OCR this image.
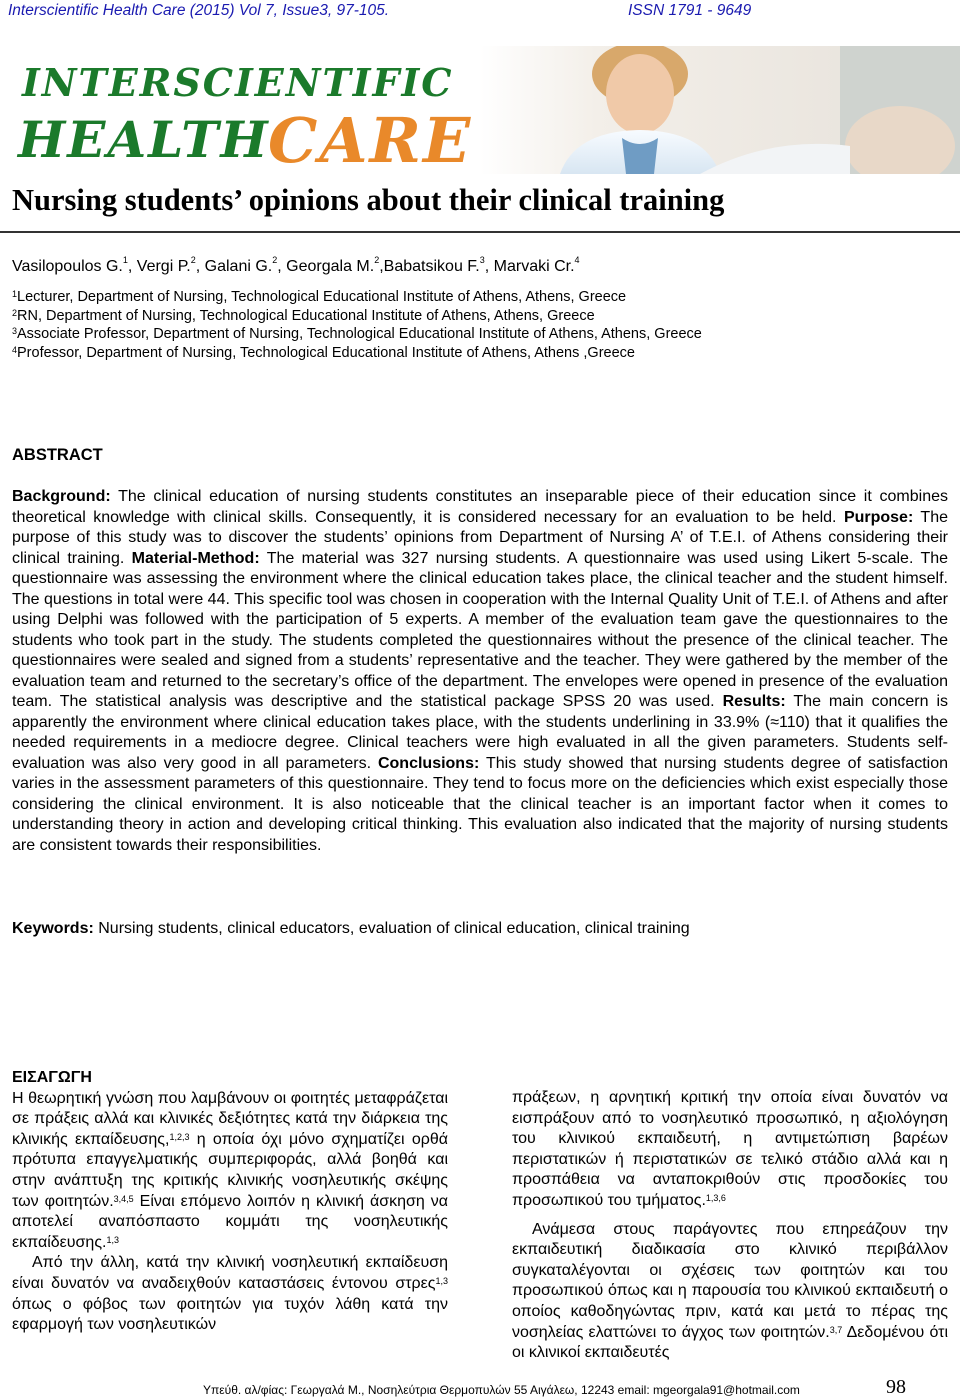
Interscientific Health Care (2015) Vol 7, Issue3, 97-105.	ISSN 1791 - 9649
INTERSCIENTIFIC
HEALTH
CARE
Nursing students’ opinions about their clinical training
Vasilopoulos G.$^1$, Vergi P.$^2$, Galani G.$^2$, Georgala M.$^2$,Babatsikou F.$^3$, Marvaki Cr.$^4$
$^1$Lecturer, Department of Nursing, Technological Educational Institute of Athens, Athens, Greece
$^2$RN, Department of Nursing, Technological Educational Institute of Athens, Athens, Greece
$^3$Associate Professor, Department of Nursing, Technological Educational Institute of Athens, Athens, Greece
$^4$Professor, Department of Nursing, Technological Educational Institute of Athens, Athens ,Greece
ABSTRACT

Background: The clinical education of nursing students constitutes an inseparable piece of their education since it combines theoretical knowledge with clinical skills. Consequently, it is considered necessary for an evaluation to be held. Purpose: The purpose of this study was to discover the students’ opinions from Department of Nursing A’ of T.E.I. of Athens considering their clinical training. Material-Method: The material was 327 nursing students. A questionnaire was used using Likert 5-scale. The questionnaire was assessing the environment where the clinical education takes place, the clinical teacher and the student himself. The questions in total were 44. This specific tool was chosen in cooperation with the Internal Quality Unit of T.E.I. of Athens and after using Delphi was followed with the participation of 5 experts. A member of the evaluation team gave the questionnaires to the students who took part in the study. The students completed the questionnaires without the presence of the clinical teacher. The questionnaires were sealed and signed from a students’ representative and the teacher. They were gathered by the member of the evaluation team and returned to the secretary’s office of the department. The envelopes were opened in presence of the evaluation team. The statistical analysis was descriptive and the statistical package SPSS 20 was used. Results: The main concern is apparently the environment where clinical education takes place, with the students underlining in 33.9% (≈110) that it qualifies the needed requirements in a mediocre degree. Clinical teachers were high evaluated in all the given parameters. Students self-evaluation was also very good in all parameters. Conclusions: This study showed that nursing students degree of satisfaction varies in the assessment parameters of this questionnaire. They tend to focus more on the deficiencies which exist especially those considering the clinical environment. It is also noticeable that the clinical teacher is an important factor when it comes to understanding theory in action and developing critical thinking. This evaluation also indicated that the majority of nursing students are consistent towards their responsibilities.

Keywords: Nursing students, clinical educators, evaluation of clinical education, clinical training

ΕΙΣΑΓΩΓΗ

Η θεωρητική γνώση που λαμβάνουν οι φοιτητές μεταφράζεται σε πράξεις αλλά και κλινικές δεξιότητες κατά την διάρκεια της κλινικής εκπαίδευσης,$^{1,2,3}$ η οποία όχι μόνο σχηματίζει ορθά πρότυπα επαγγελματικής συμπεριφοράς, αλλά βοηθά και στην ανάπτυξη της κριτικής κλινικής νοσηλευτικής σκέψης των φοιτητών.$^{3,4,5}$ Είναι επόμενο λοιπόν η κλινική άσκηση να αποτελεί αναπόσπαστο κομμάτι της νοσηλευτικής εκπαίδευσης.$^{1,3}$

Από την άλλη, κατά την κλινική νοσηλευτική εκπαίδευση είναι δυνατόν να αναδειχθούν καταστάσεις έντονου στρες$^{1,3}$ όπως ο φόβος των φοιτητών για τυχόν λάθη κατά την εφαρμογή των νοσηλευτικών

πράξεων, η αρνητική κριτική την οποία είναι δυνατόν να εισπράξουν από το νοσηλευτικό προσωπικό, η αξιολόγηση του κλινικού εκπαιδευτή, η αντιμετώπιση βαρέων περιστατικών ή περιστατικών σε τελικό στάδιο αλλά και η προσπάθεια να ανταποκριθούν στις προσδοκίες του προσωπικού του τμήματος.$^{1,3,6}$

Ανάμεσα στους παράγοντες που επηρεάζουν την εκπαιδευτική διαδικασία στο κλινικό περιβάλλον συγκαταλέγονται οι σχέσεις των φοιτητών και του προσωπικού όπως και η παρουσία του κλινικού εκπαιδευτή ο οποίος καθοδηγώντας πριν, κατά και μετά το πέρας της νοσηλείας ελαττώνει το άγχος των φοιτητών.$^{3,7}$ Δεδομένου ότι οι κλινικοί εκπαιδευτές

Υπεύθ. αλ/φίας: Γεωργαλά Μ., Νοσηλεύτρια Θερμοπυλών 55 Αιγάλεω, 12243 email: mgeorgala91@hotmail.com	98
